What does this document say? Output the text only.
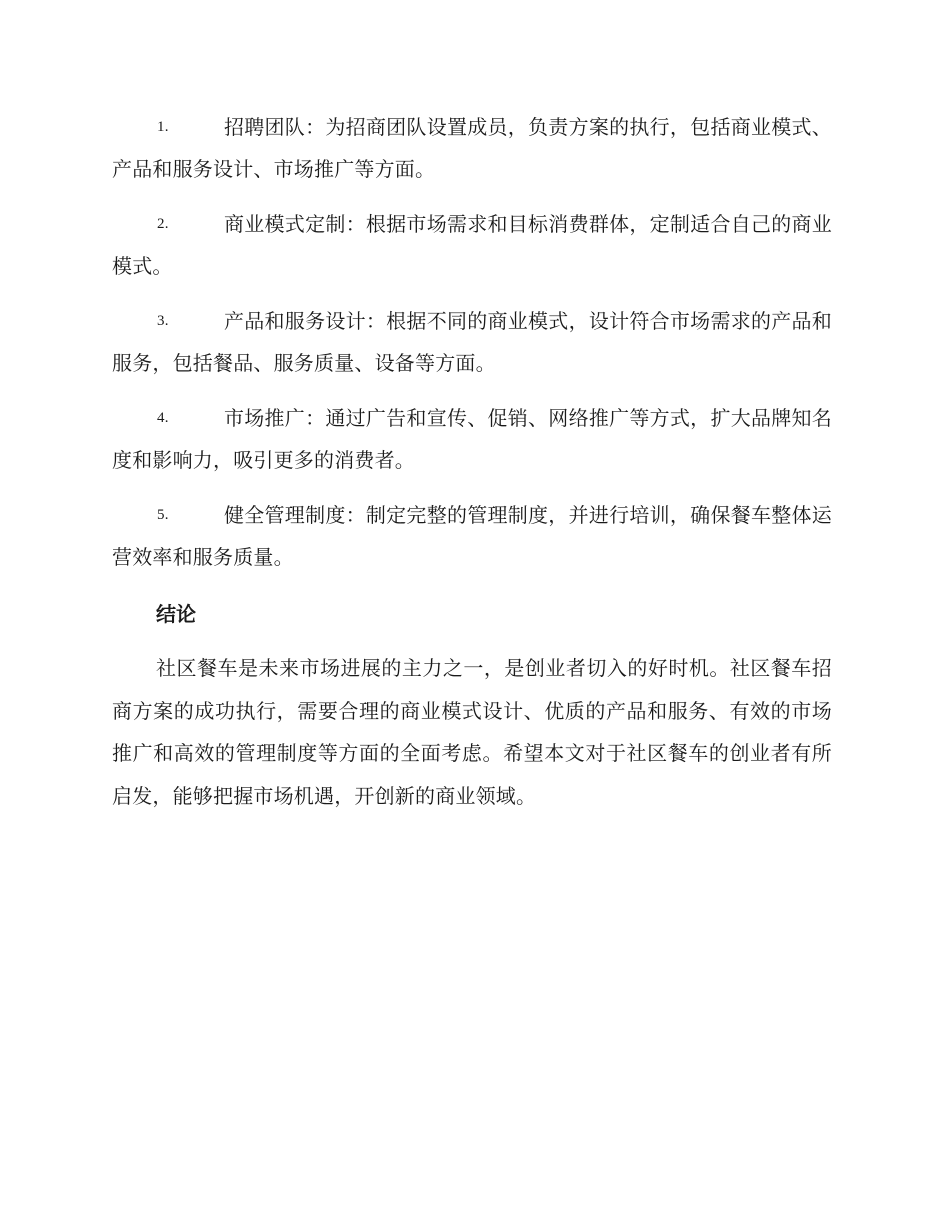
1.	招聘团队：为招商团队设置成员，负责方案的执行，包括商业模式、产品和服务设计、市场推广等方面。
2.	商业模式定制：根据市场需求和目标消费群体，定制适合自己的商业模式。
3.	产品和服务设计：根据不同的商业模式，设计符合市场需求的产品和服务，包括餐品、服务质量、设备等方面。
4.	市场推广：通过广告和宣传、促销、网络推广等方式，扩大品牌知名度和影响力，吸引更多的消费者。
5.	健全管理制度：制定完整的管理制度，并进行培训，确保餐车整体运营效率和服务质量。
结论
社区餐车是未来市场进展的主力之一，是创业者切入的好时机。社区餐车招商方案的成功执行，需要合理的商业模式设计、优质的产品和服务、有效的市场推广和高效的管理制度等方面的全面考虑。希望本文对于社区餐车的创业者有所启发，能够把握市场机遇，开创新的商业领域。
